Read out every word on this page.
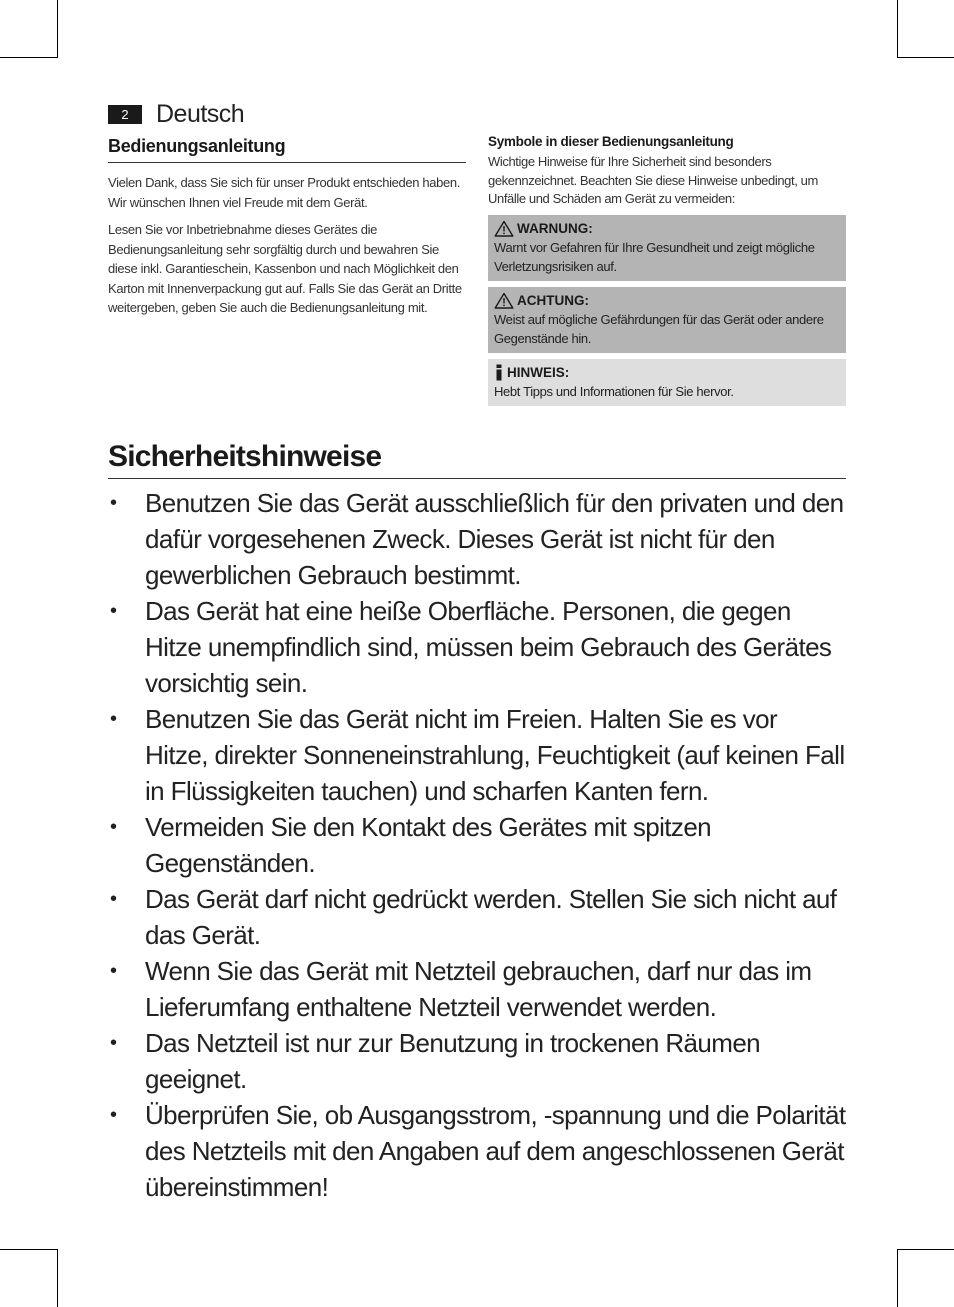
2	Deutsch
Bedienungsanleitung

Vielen Dank, dass Sie sich für unser Produkt entschieden haben. Wir wünschen Ihnen viel Freude mit dem Gerät.

Lesen Sie vor Inbetriebnahme dieses Gerätes die Bedienungsanleitung sehr sorgfältig durch und bewahren Sie diese inkl. Garantieschein, Kassenbon und nach Möglichkeit den Karton mit Innenverpackung gut auf. Falls Sie das Gerät an Dritte weitergeben, geben Sie auch die Bedienungsanleitung mit.

Symbole in dieser Bedienungsanleitung

Wichtige Hinweise für Ihre Sicherheit sind besonders gekennzeichnet. Beachten Sie diese Hinweise unbedingt, um Unfälle und Schäden am Gerät zu vermeiden:

WARNUNG:
Warnt vor Gefahren für Ihre Gesundheit und zeigt mögliche Verletzungsrisiken auf.
ACHTUNG:
Weist auf mögliche Gefährdungen für das Gerät oder andere Gegenstände hin.
HINWEIS:
Hebt Tipps und Informationen für Sie hervor.
Sicherheitshinweise
• Benutzen Sie das Gerät ausschließlich für den privaten und den dafür vorgesehenen Zweck. Dieses Gerät ist nicht für den gewerblichen Gebrauch bestimmt.
• Das Gerät hat eine heiße Oberfläche. Personen, die gegen Hitze unempfindlich sind, müssen beim Gebrauch des Gerätes vorsichtig sein.
• Benutzen Sie das Gerät nicht im Freien. Halten Sie es vor Hitze, direkter Sonneneinstrahlung, Feuchtigkeit (auf keinen Fall in Flüssigkeiten tauchen) und scharfen Kanten fern.
• Vermeiden Sie den Kontakt des Gerätes mit spitzen Gegenständen.
• Das Gerät darf nicht gedrückt werden. Stellen Sie sich nicht auf das Gerät.
• Wenn Sie das Gerät mit Netzteil gebrauchen, darf nur das im Lieferumfang enthaltene Netzteil verwendet werden.
• Das Netzteil ist nur zur Benutzung in trockenen Räumen geeignet.
• Überprüfen Sie, ob Ausgangsstrom, -spannung und die Polarität des Netzteils mit den Angaben auf dem angeschlossenen Gerät übereinstimmen!
